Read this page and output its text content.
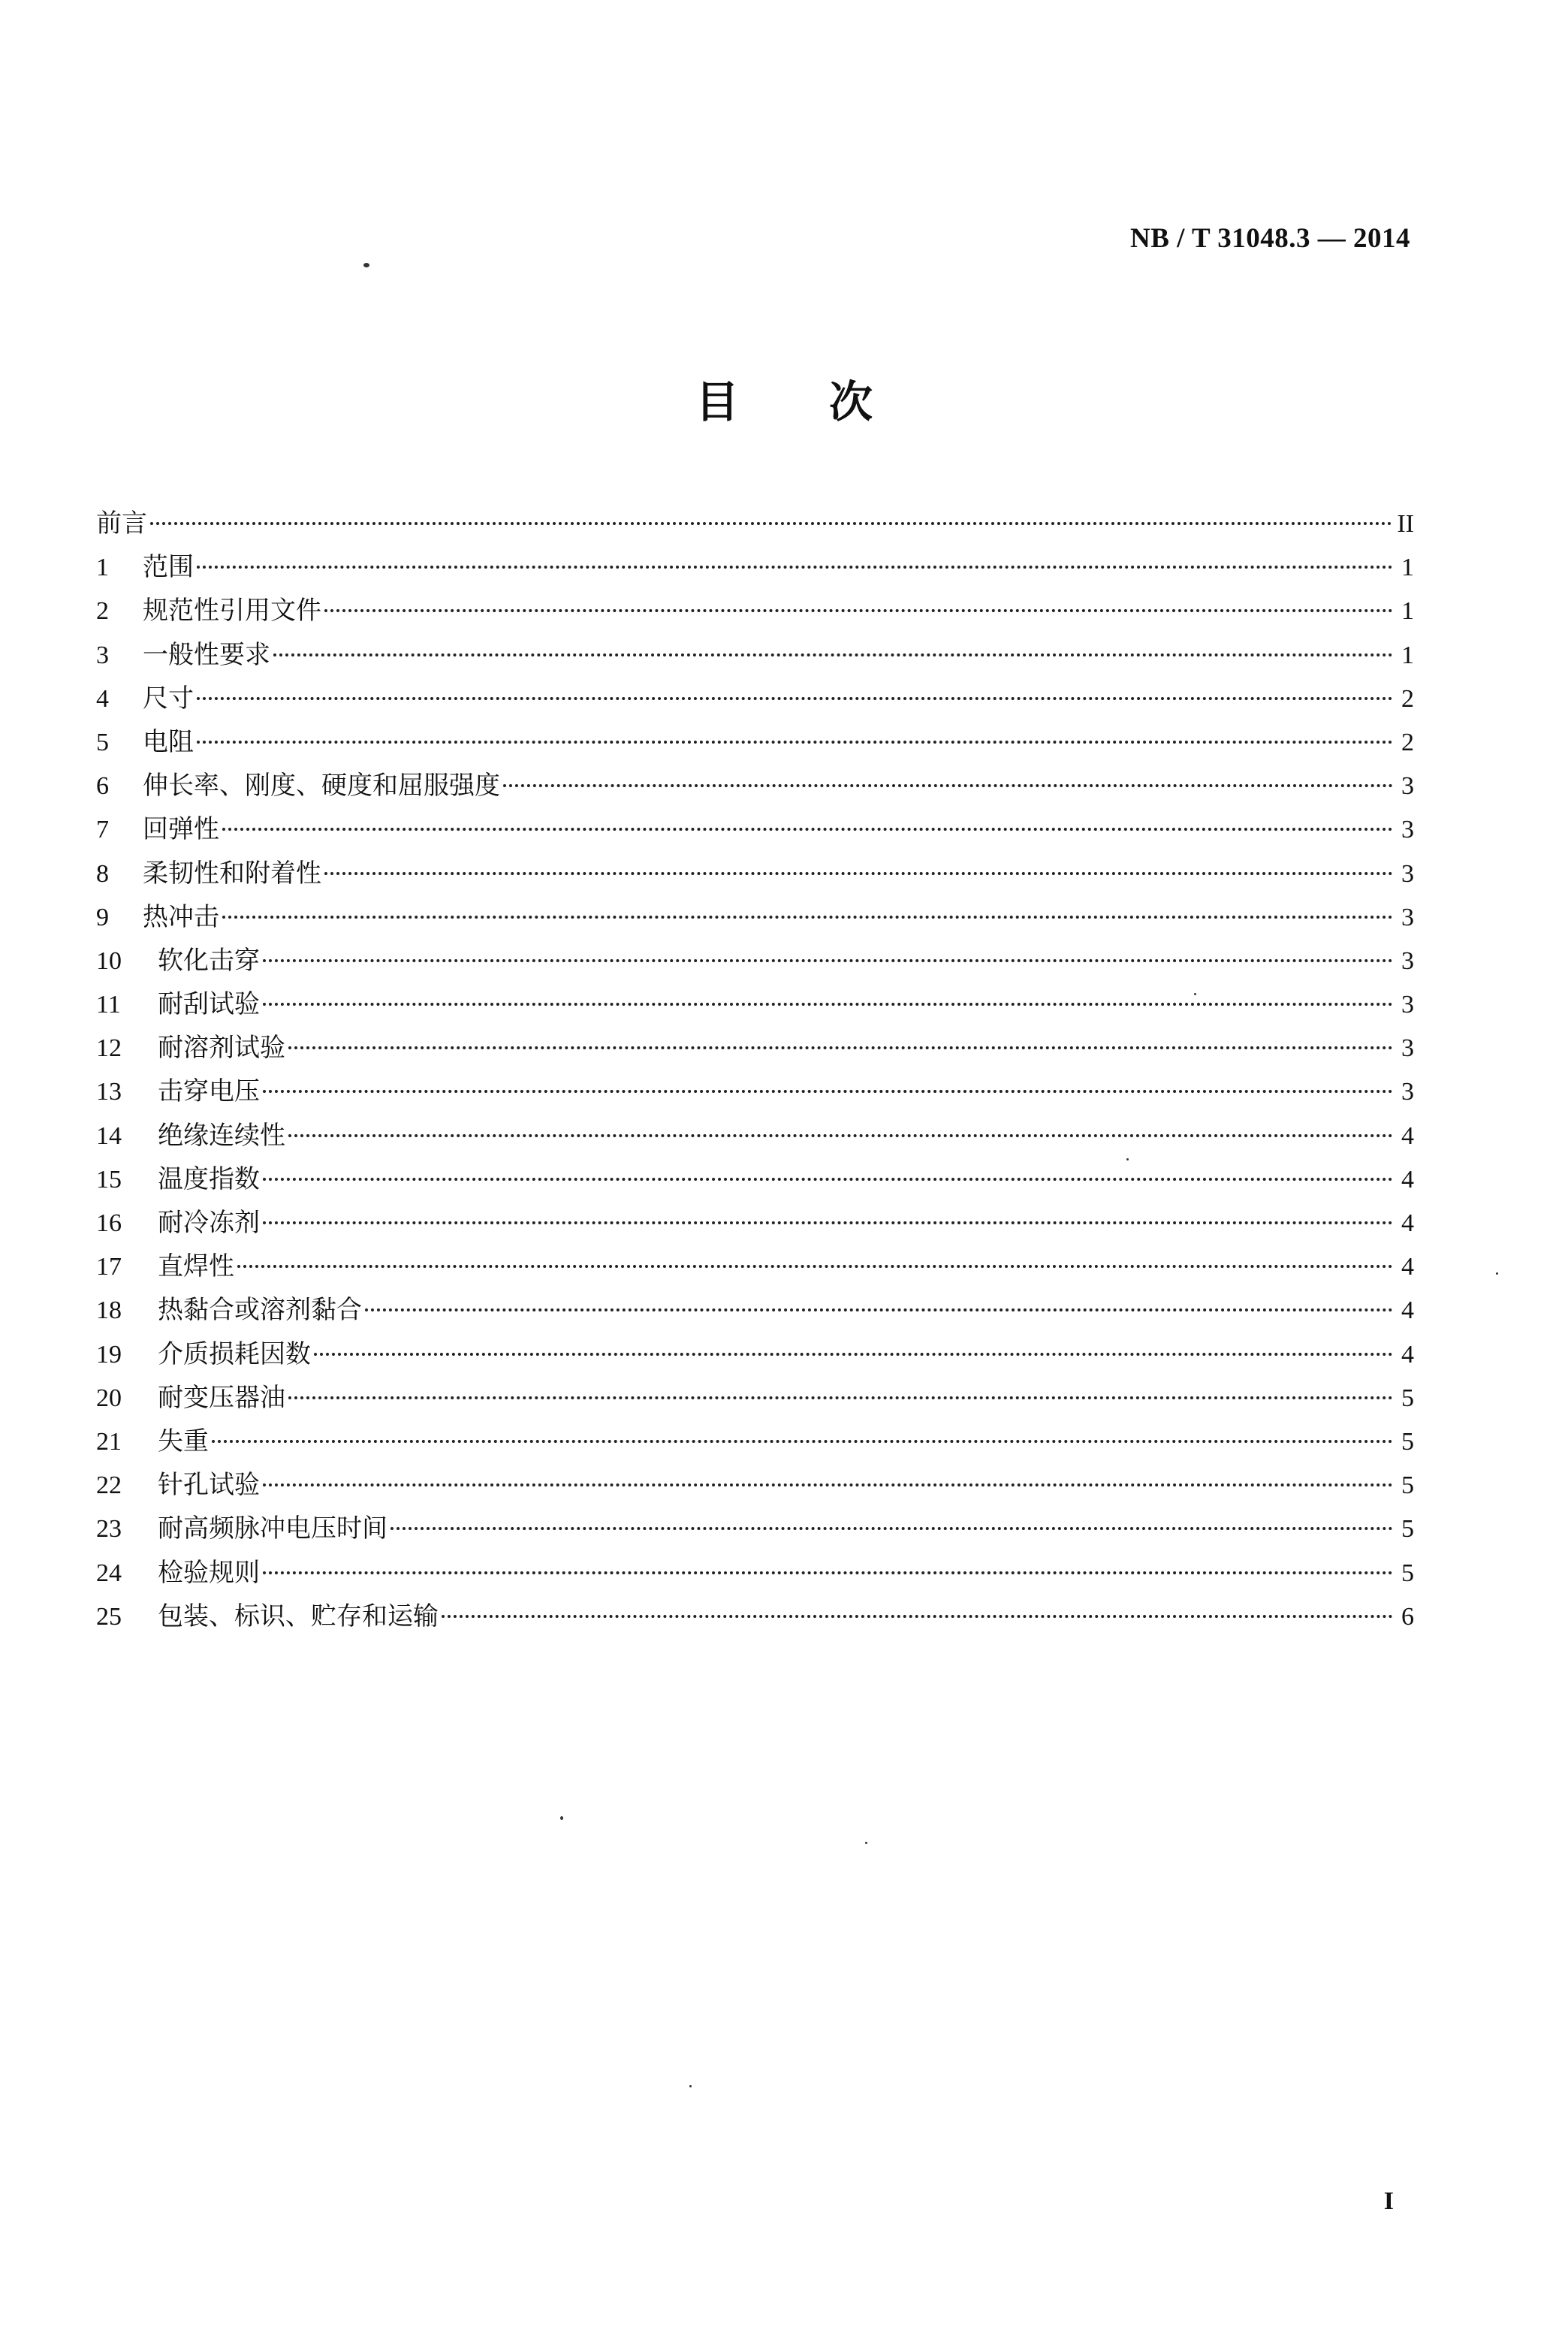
NB / T 31048.3 — 2014
目次
前言	II
1	范围	1
2	规范性引用文件	1
3	一般性要求	1
4	尺寸	2
5	电阻	2
6	伸长率、刚度、硬度和屈服强度	3
7	回弹性	3
8	柔韧性和附着性	3
9	热冲击	3
10	软化击穿	3
11	耐刮试验	3
12	耐溶剂试验	3
13	击穿电压	3
14	绝缘连续性	4
15	温度指数	4
16	耐冷冻剂	4
17	直焊性	4
18	热黏合或溶剂黏合	4
19	介质损耗因数	4
20	耐变压器油	5
21	失重	5
22	针孔试验	5
23	耐高频脉冲电压时间	5
24	检验规则	5
25	包装、标识、贮存和运输	6
I
